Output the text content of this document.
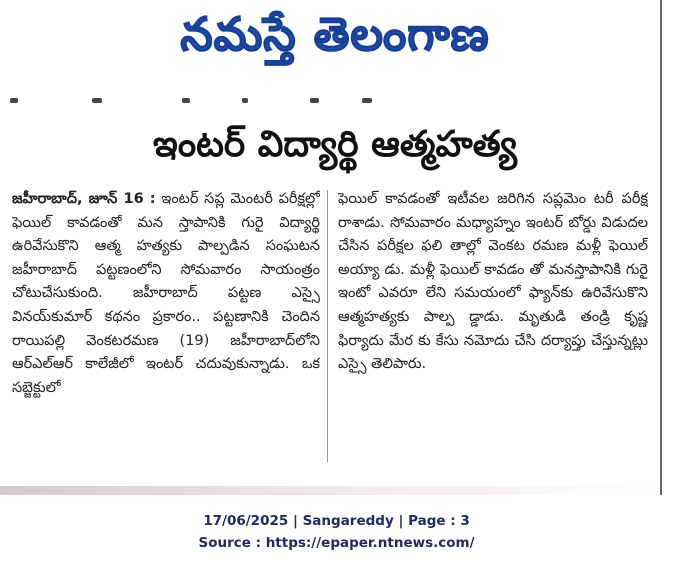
నమస్తే తెలంగాణ
ఇంటర్ విద్యార్థి ఆత్మహత్య

జహీరాబాద్, జూన్ 16 : ఇంటర్ సప్ల మెంటరీ పరీక్షల్లో ఫెయిల్ కావడంతో మన స్తాపానికి గురై విద్యార్థి ఉరివేసుకొని ఆత్మ హత్యకు పాల్పడిన సంఘటన జహీరాబాద్ పట్టణంలోని సోమవారం సాయంత్రం చోటుచేసుకుంది. జహీరాబాద్ పట్టణ ఎస్సై వినయ్‌కుమార్ కథనం ప్రకారం.. పట్టణానికి చెందిన రాయిపల్లి వెంకటరమణ (19) జహీరాబాద్‌లోని ఆర్‌ఎల్‌ఆర్ కాలేజీలో ఇంటర్ చదువుకున్నాడు. ఒక సబ్జెక్టులో

ఫెయిల్ కావడంతో ఇటీవల జరిగిన సప్లమెం టరీ పరీక్ష రాశాడు. సోమవారం మధ్యాహ్నం ఇంటర్ బోర్డు విడుదల చేసిన పరీక్షల ఫలి తాల్లో వెంకట రమణ మళ్లీ ఫెయిల్ అయ్యా డు. మళ్లీ ఫెయిల్ కావడం తో మనస్తాపానికి గురై ఇంటో ఎవరూ లేని సమయంలో ఫ్యాన్‌కు ఉరివేసుకొని ఆత్మహత్యకు పాల్ప డ్డాడు. మృతుడి తండ్రి కృష్ణ ఫిర్యాదు మేర కు కేసు నమోదు చేసి దర్యాప్తు చేస్తున్నట్లు ఎస్సై తెలిపారు.

17/06/2025 | Sangareddy | Page : 3
Source : https://epaper.ntnews.com/
